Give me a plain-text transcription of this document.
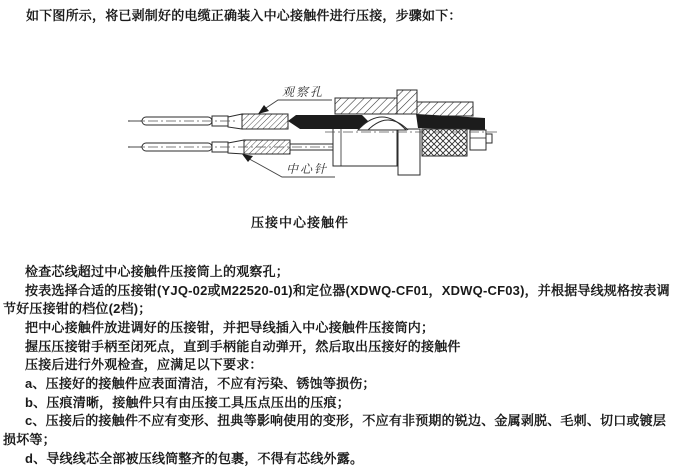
如下图所示，将已剥制好的电缆正确装入中心接触件进行压接，步骤如下：
观察孔
中心针
压接中心接触件
检查芯线超过中心接触件压接筒上的观察孔；
按表选择合适的压接钳(YJQ-02或M22520-01)和定位器(XDWQ-CF01，XDWQ-CF03)，并根据导线规格按表调
节好压接钳的档位(2档)；
把中心接触件放进调好的压接钳，并把导线插入中心接触件压接筒内；
握压压接钳手柄至闭死点，直到手柄能自动弹开，然后取出压接好的接触件
压接后进行外观检查，应满足以下要求：
a、压接好的接触件应表面清洁，不应有污染、锈蚀等损伤；
b、压痕清晰，接触件只有由压接工具压点压出的压痕；
c、压接后的接触件不应有变形、扭典等影响使用的变形，不应有非预期的锐边、金属剥脱、毛刺、切口或镀层
损坏等；
d、导线线芯全部被压线筒整齐的包裹，不得有芯线外露。
